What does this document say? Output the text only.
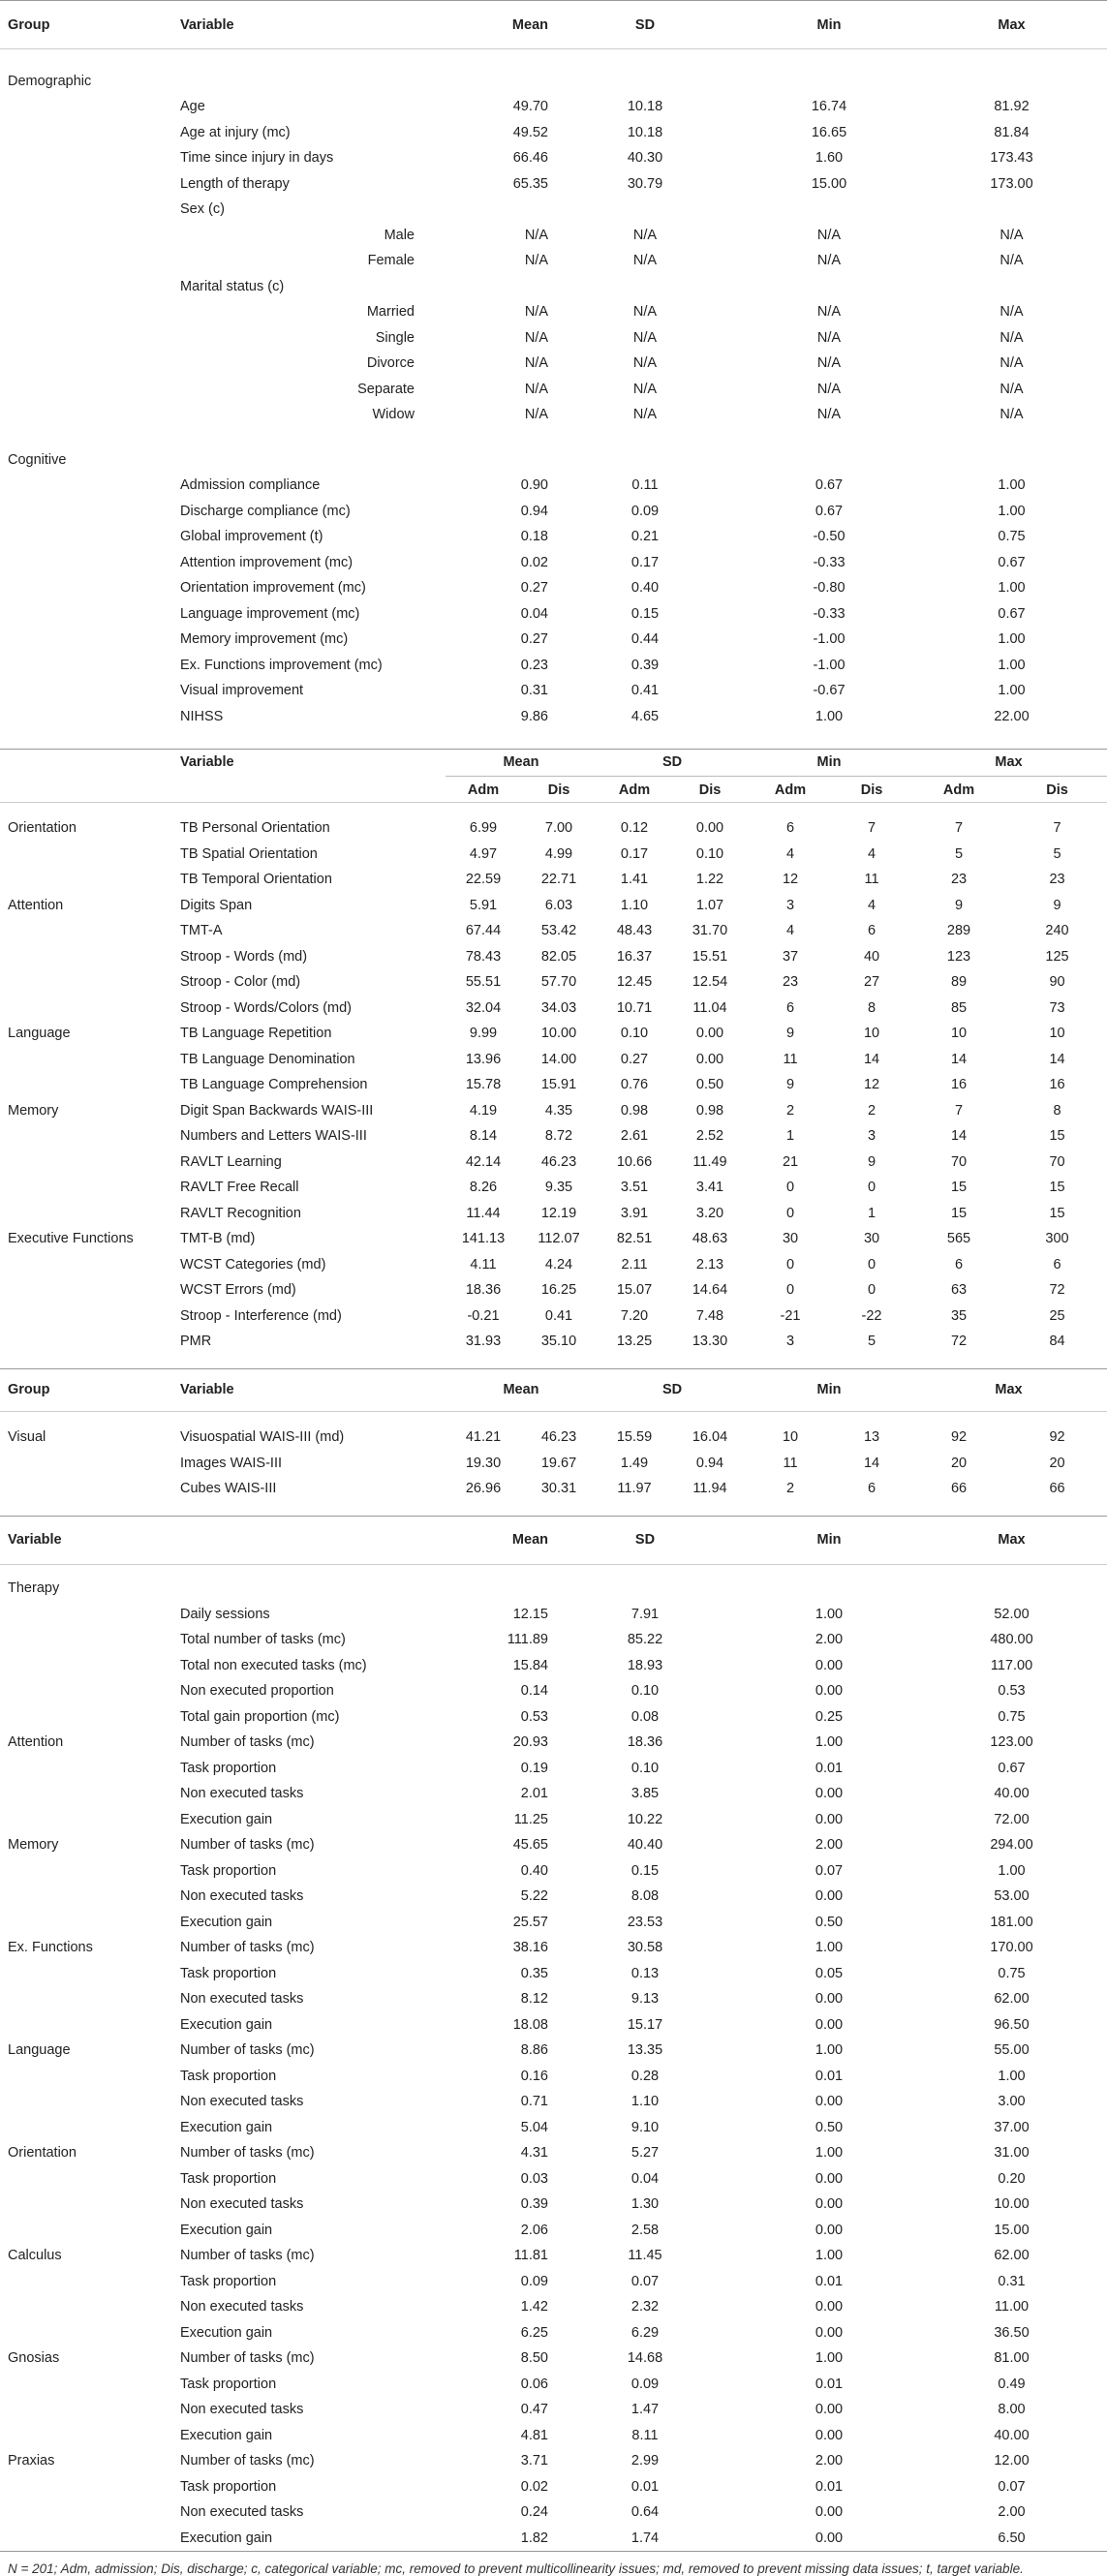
Group	Variable	Mean	SD	Min	Max

Demographic					
	Age	49.70	10.18	16.74	81.92
	Age at injury (mc)	49.52	10.18	16.65	81.84
	Time since injury in days	66.46	40.30	1.60	173.43
	Length of therapy	65.35	30.79	15.00	173.00
	Sex (c)				
	Male	N/A	N/A	N/A	N/A
	Female	N/A	N/A	N/A	N/A
	Marital status (c)				
	Married	N/A	N/A	N/A	N/A
	Single	N/A	N/A	N/A	N/A
	Divorce	N/A	N/A	N/A	N/A
	Separate	N/A	N/A	N/A	N/A
	Widow	N/A	N/A	N/A	N/A

Cognitive					
	Admission compliance	0.90	0.11	0.67	1.00
	Discharge compliance (mc)	0.94	0.09	0.67	1.00
	Global improvement (t)	0.18	0.21	-0.50	0.75
	Attention improvement (mc)	0.02	0.17	-0.33	0.67
	Orientation improvement (mc)	0.27	0.40	-0.80	1.00
	Language improvement (mc)	0.04	0.15	-0.33	0.67
	Memory improvement (mc)	0.27	0.44	-1.00	1.00
	Ex. Functions improvement (mc)	0.23	0.39	-1.00	1.00
	Visual improvement	0.31	0.41	-0.67	1.00
	NIHSS	9.86	4.65	1.00	22.00

	Variable	Mean		SD		Min		Max	

		Adm	Dis	Adm	Dis	Adm	Dis	Adm	Dis

Orientation	TB Personal Orientation	6.99	7.00	0.12	0.00	6	7	7	7
	TB Spatial Orientation	4.97	4.99	0.17	0.10	4	4	5	5
	TB Temporal Orientation	22.59	22.71	1.41	1.22	12	11	23	23
Attention	Digits Span	5.91	6.03	1.10	1.07	3	4	9	9
	TMT-A	67.44	53.42	48.43	31.70	4	6	289	240
	Stroop - Words (md)	78.43	82.05	16.37	15.51	37	40	123	125
	Stroop - Color (md)	55.51	57.70	12.45	12.54	23	27	89	90
	Stroop - Words/Colors (md)	32.04	34.03	10.71	11.04	6	8	85	73
Language	TB Language Repetition	9.99	10.00	0.10	0.00	9	10	10	10
	TB Language Denomination	13.96	14.00	0.27	0.00	11	14	14	14
	TB Language Comprehension	15.78	15.91	0.76	0.50	9	12	16	16
Memory	Digit Span Backwards WAIS-III	4.19	4.35	0.98	0.98	2	2	7	8
	Numbers and Letters WAIS-III	8.14	8.72	2.61	2.52	1	3	14	15
	RAVLT Learning	42.14	46.23	10.66	11.49	21	9	70	70
	RAVLT Free Recall	8.26	9.35	3.51	3.41	0	0	15	15
	RAVLT Recognition	11.44	12.19	3.91	3.20	0	1	15	15
Executive Functions	TMT-B (md)	141.13	112.07	82.51	48.63	30	30	565	300
	WCST Categories (md)	4.11	4.24	2.11	2.13	0	0	6	6
	WCST Errors (md)	18.36	16.25	15.07	14.64	0	0	63	72
	Stroop - Interference (md)	-0.21	0.41	7.20	7.48	-21	-22	35	25
	PMR	31.93	35.10	13.25	13.30	3	5	72	84

Group	Variable	Mean		SD		Min		Max	

Visual	Visuospatial WAIS-III (md)	41.21	46.23	15.59	16.04	10	13	92	92
	Images WAIS-III	19.30	19.67	1.49	0.94	11	14	20	20
	Cubes WAIS-III	26.96	30.31	11.97	11.94	2	6	66	66

Variable		Mean	SD	Min	Max

Therapy					
	Daily sessions	12.15	7.91	1.00	52.00
	Total number of tasks (mc)	111.89	85.22	2.00	480.00
	Total non executed tasks (mc)	15.84	18.93	0.00	117.00
	Non executed proportion	0.14	0.10	0.00	0.53
	Total gain proportion (mc)	0.53	0.08	0.25	0.75
Attention	Number of tasks (mc)	20.93	18.36	1.00	123.00
	Task proportion	0.19	0.10	0.01	0.67
	Non executed tasks	2.01	3.85	0.00	40.00
	Execution gain	11.25	10.22	0.00	72.00
Memory	Number of tasks (mc)	45.65	40.40	2.00	294.00
	Task proportion	0.40	0.15	0.07	1.00
	Non executed tasks	5.22	8.08	0.00	53.00
	Execution gain	25.57	23.53	0.50	181.00
Ex. Functions	Number of tasks (mc)	38.16	30.58	1.00	170.00
	Task proportion	0.35	0.13	0.05	0.75
	Non executed tasks	8.12	9.13	0.00	62.00
	Execution gain	18.08	15.17	0.00	96.50
Language	Number of tasks (mc)	8.86	13.35	1.00	55.00
	Task proportion	0.16	0.28	0.01	1.00
	Non executed tasks	0.71	1.10	0.00	3.00
	Execution gain	5.04	9.10	0.50	37.00
Orientation	Number of tasks (mc)	4.31	5.27	1.00	31.00
	Task proportion	0.03	0.04	0.00	0.20
	Non executed tasks	0.39	1.30	0.00	10.00
	Execution gain	2.06	2.58	0.00	15.00
Calculus	Number of tasks (mc)	11.81	11.45	1.00	62.00
	Task proportion	0.09	0.07	0.01	0.31
	Non executed tasks	1.42	2.32	0.00	11.00
	Execution gain	6.25	6.29	0.00	36.50
Gnosias	Number of tasks (mc)	8.50	14.68	1.00	81.00
	Task proportion	0.06	0.09	0.01	0.49
	Non executed tasks	0.47	1.47	0.00	8.00
	Execution gain	4.81	8.11	0.00	40.00
Praxias	Number of tasks (mc)	3.71	2.99	2.00	12.00
	Task proportion	0.02	0.01	0.01	0.07
	Non executed tasks	0.24	0.64	0.00	2.00
	Execution gain	1.82	1.74	0.00	6.50
N = 201; Adm, admission; Dis, discharge; c, categorical variable; mc, removed to prevent multicollinearity issues; md, removed to prevent missing data issues; t, target variable.
